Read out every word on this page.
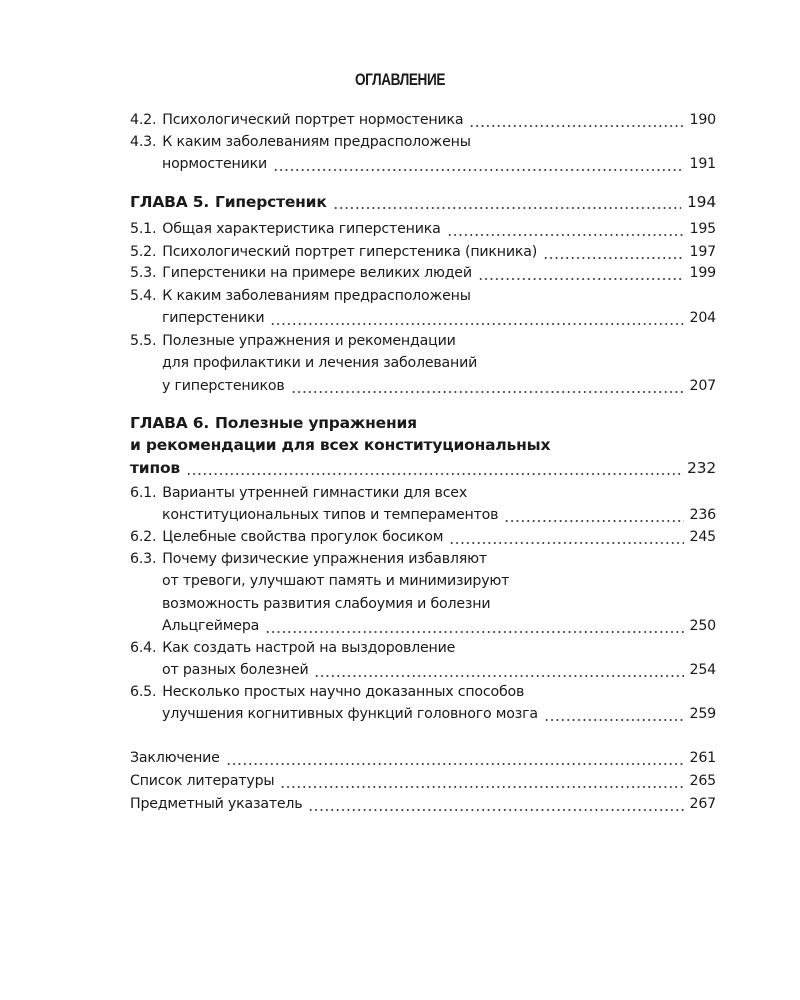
ОГЛАВЛЕНИЕ
4.2. Психологический портрет нормостеника	190
4.3. К каким заболеваниям предрасположены
нормостеники	191
ГЛАВА 5. Гиперстеник	194
5.1. Общая характеристика гиперстеника	195
5.2. Психологический портрет гиперстеника (пикника)	197
5.3. Гиперстеники на примере великих людей	199
5.4. К каким заболеваниям предрасположены
гиперстеники	204
5.5. Полезные упражнения и рекомендации
для профилактики и лечения заболеваний
у гиперстеников	207
ГЛАВА 6. Полезные упражнения
и рекомендации для всех конституциональных
типов	232
6.1. Варианты утренней гимнастики для всех
конституциональных типов и темпераментов	236
6.2. Целебные свойства прогулок босиком	245
6.3. Почему физические упражнения избавляют
от тревоги, улучшают память и минимизируют
возможность развития слабоумия и болезни
Альцгеймера	250
6.4. Как создать настрой на выздоровление
от разных болезней	254
6.5. Несколько простых научно доказанных способов
улучшения когнитивных функций головного мозга	259
Заключение	261
Список литературы	265
Предметный указатель	267
